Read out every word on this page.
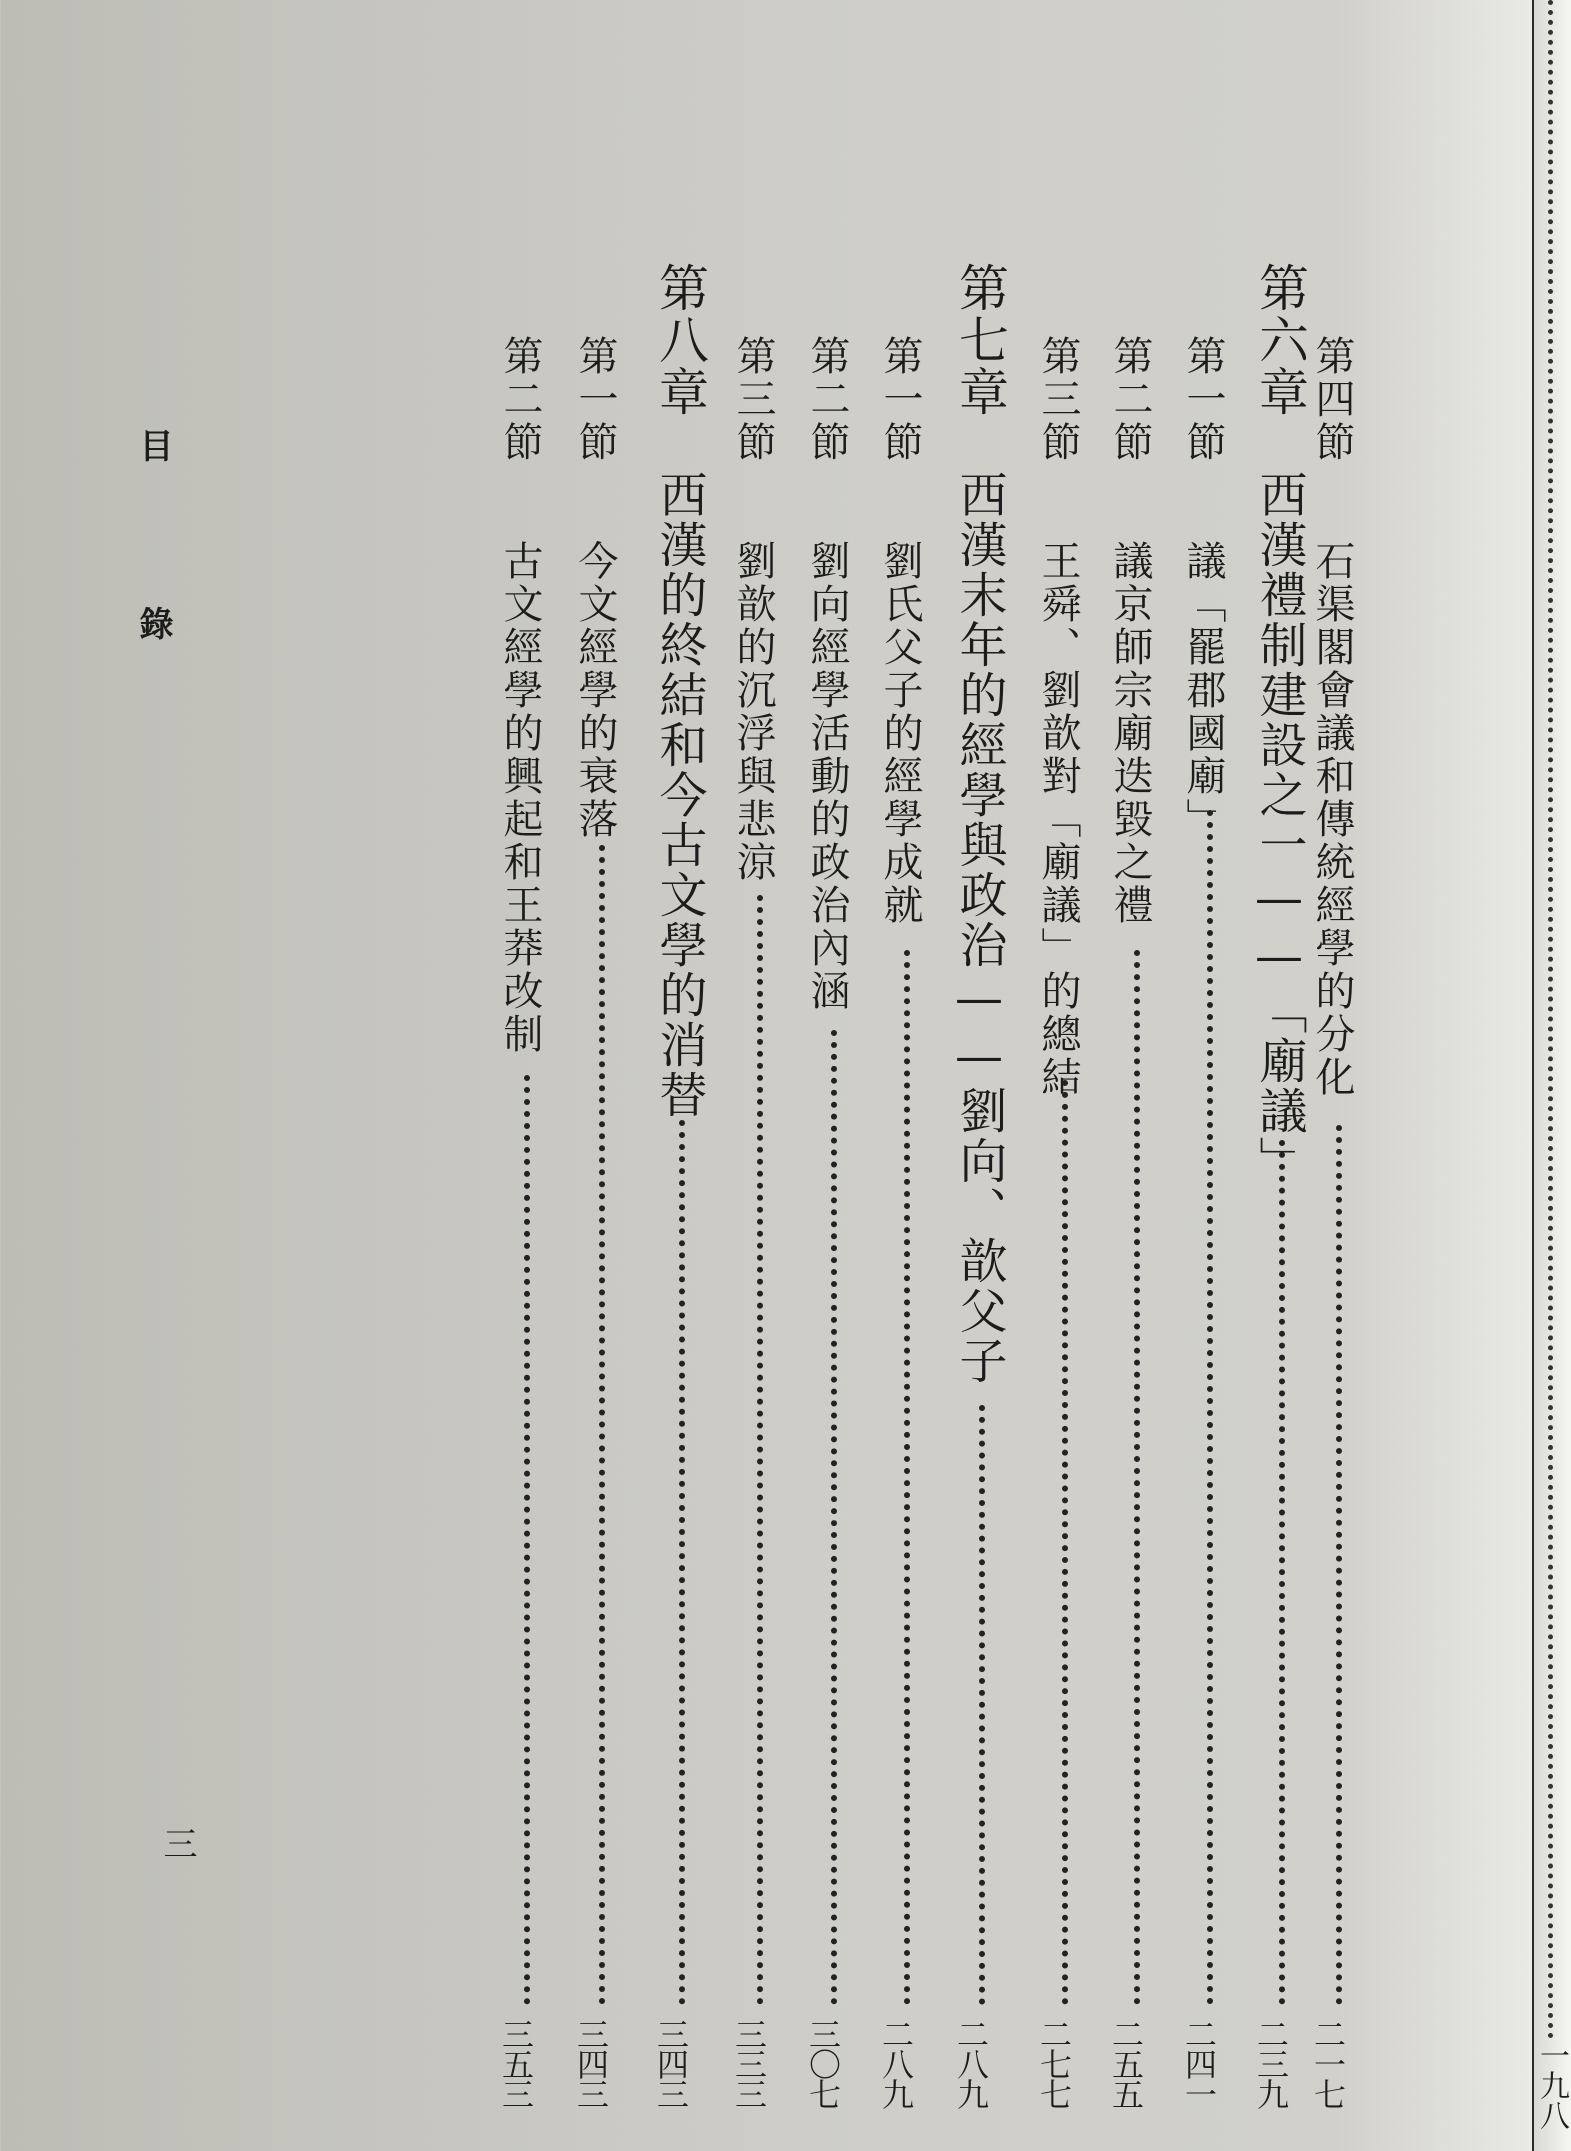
一九八
第四節
石渠閣會議和傳統經學的分化
二一七
第六章
西漢禮制建設之一——「廟議」
二三九
第一節
議「罷郡國廟」
二四一
第二節
議京師宗廟迭毀之禮
二五五
第三節
王舜、劉歆對「廟議」的總結
二七七
第七章
西漢末年的經學與政治——劉向、歆父子
二八九
第一節
劉氏父子的經學成就
二八九
第二節
劉向經學活動的政治內涵
三〇七
第三節
劉歆的沉浮與悲涼
三三三
第八章
西漢的終結和今古文學的消替
三四三
第一節
今文經學的衰落
三四三
第二節
古文經學的興起和王莽改制
三五三
目 錄
三
